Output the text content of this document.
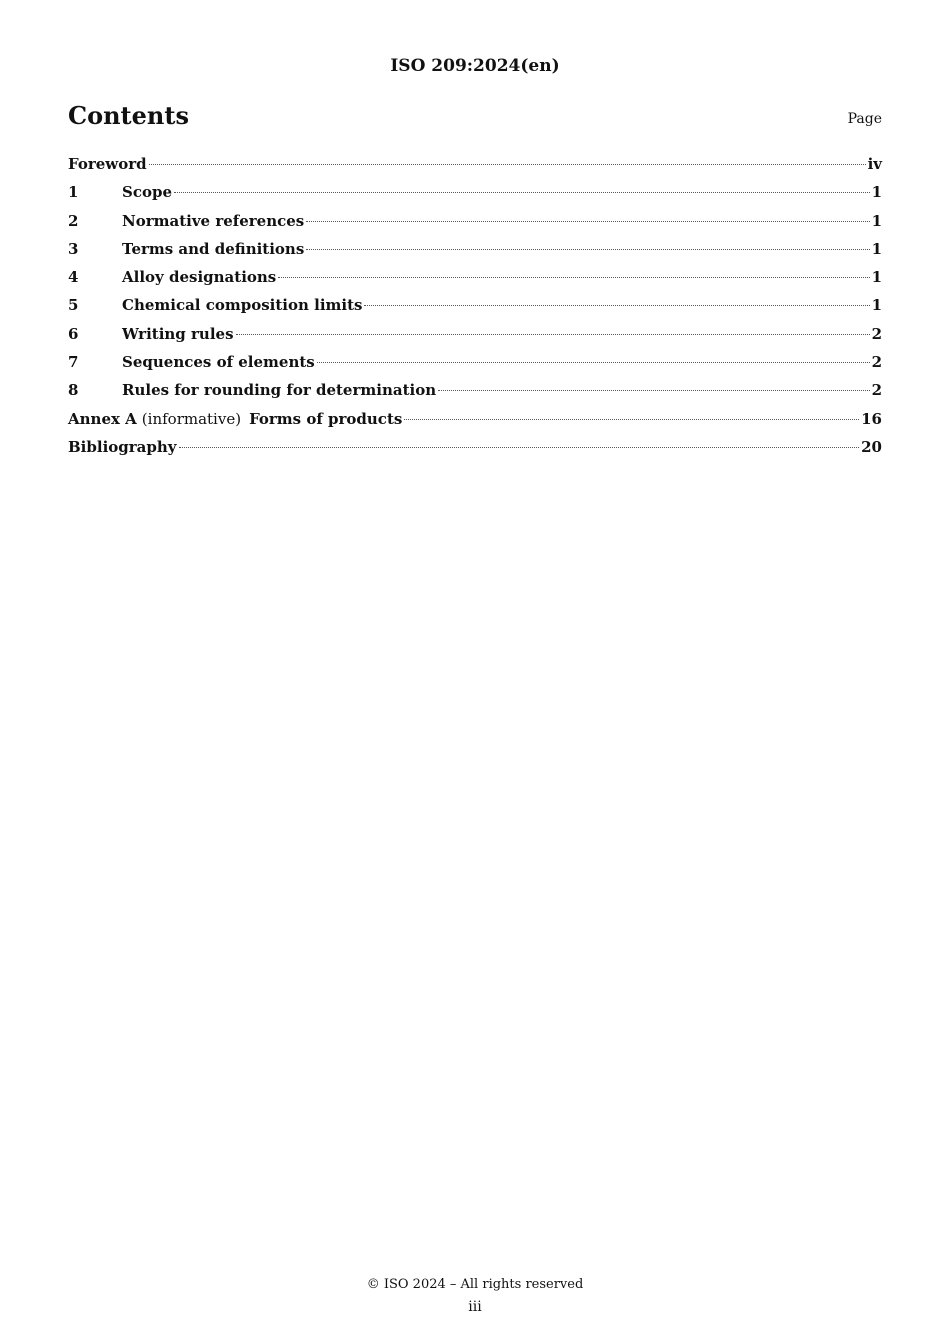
ISO 209:2024(en)
Contents	Page
Foreword	iv
1	Scope	1
2	Normative references	1
3	Terms and definitions	1
4	Alloy designations	1
5	Chemical composition limits	1
6	Writing rules	2
7	Sequences of elements	2
8	Rules for rounding for determination	2
Annex A (informative) Forms of products	16
Bibliography	20
© ISO 2024 – All rights reserved
iii
